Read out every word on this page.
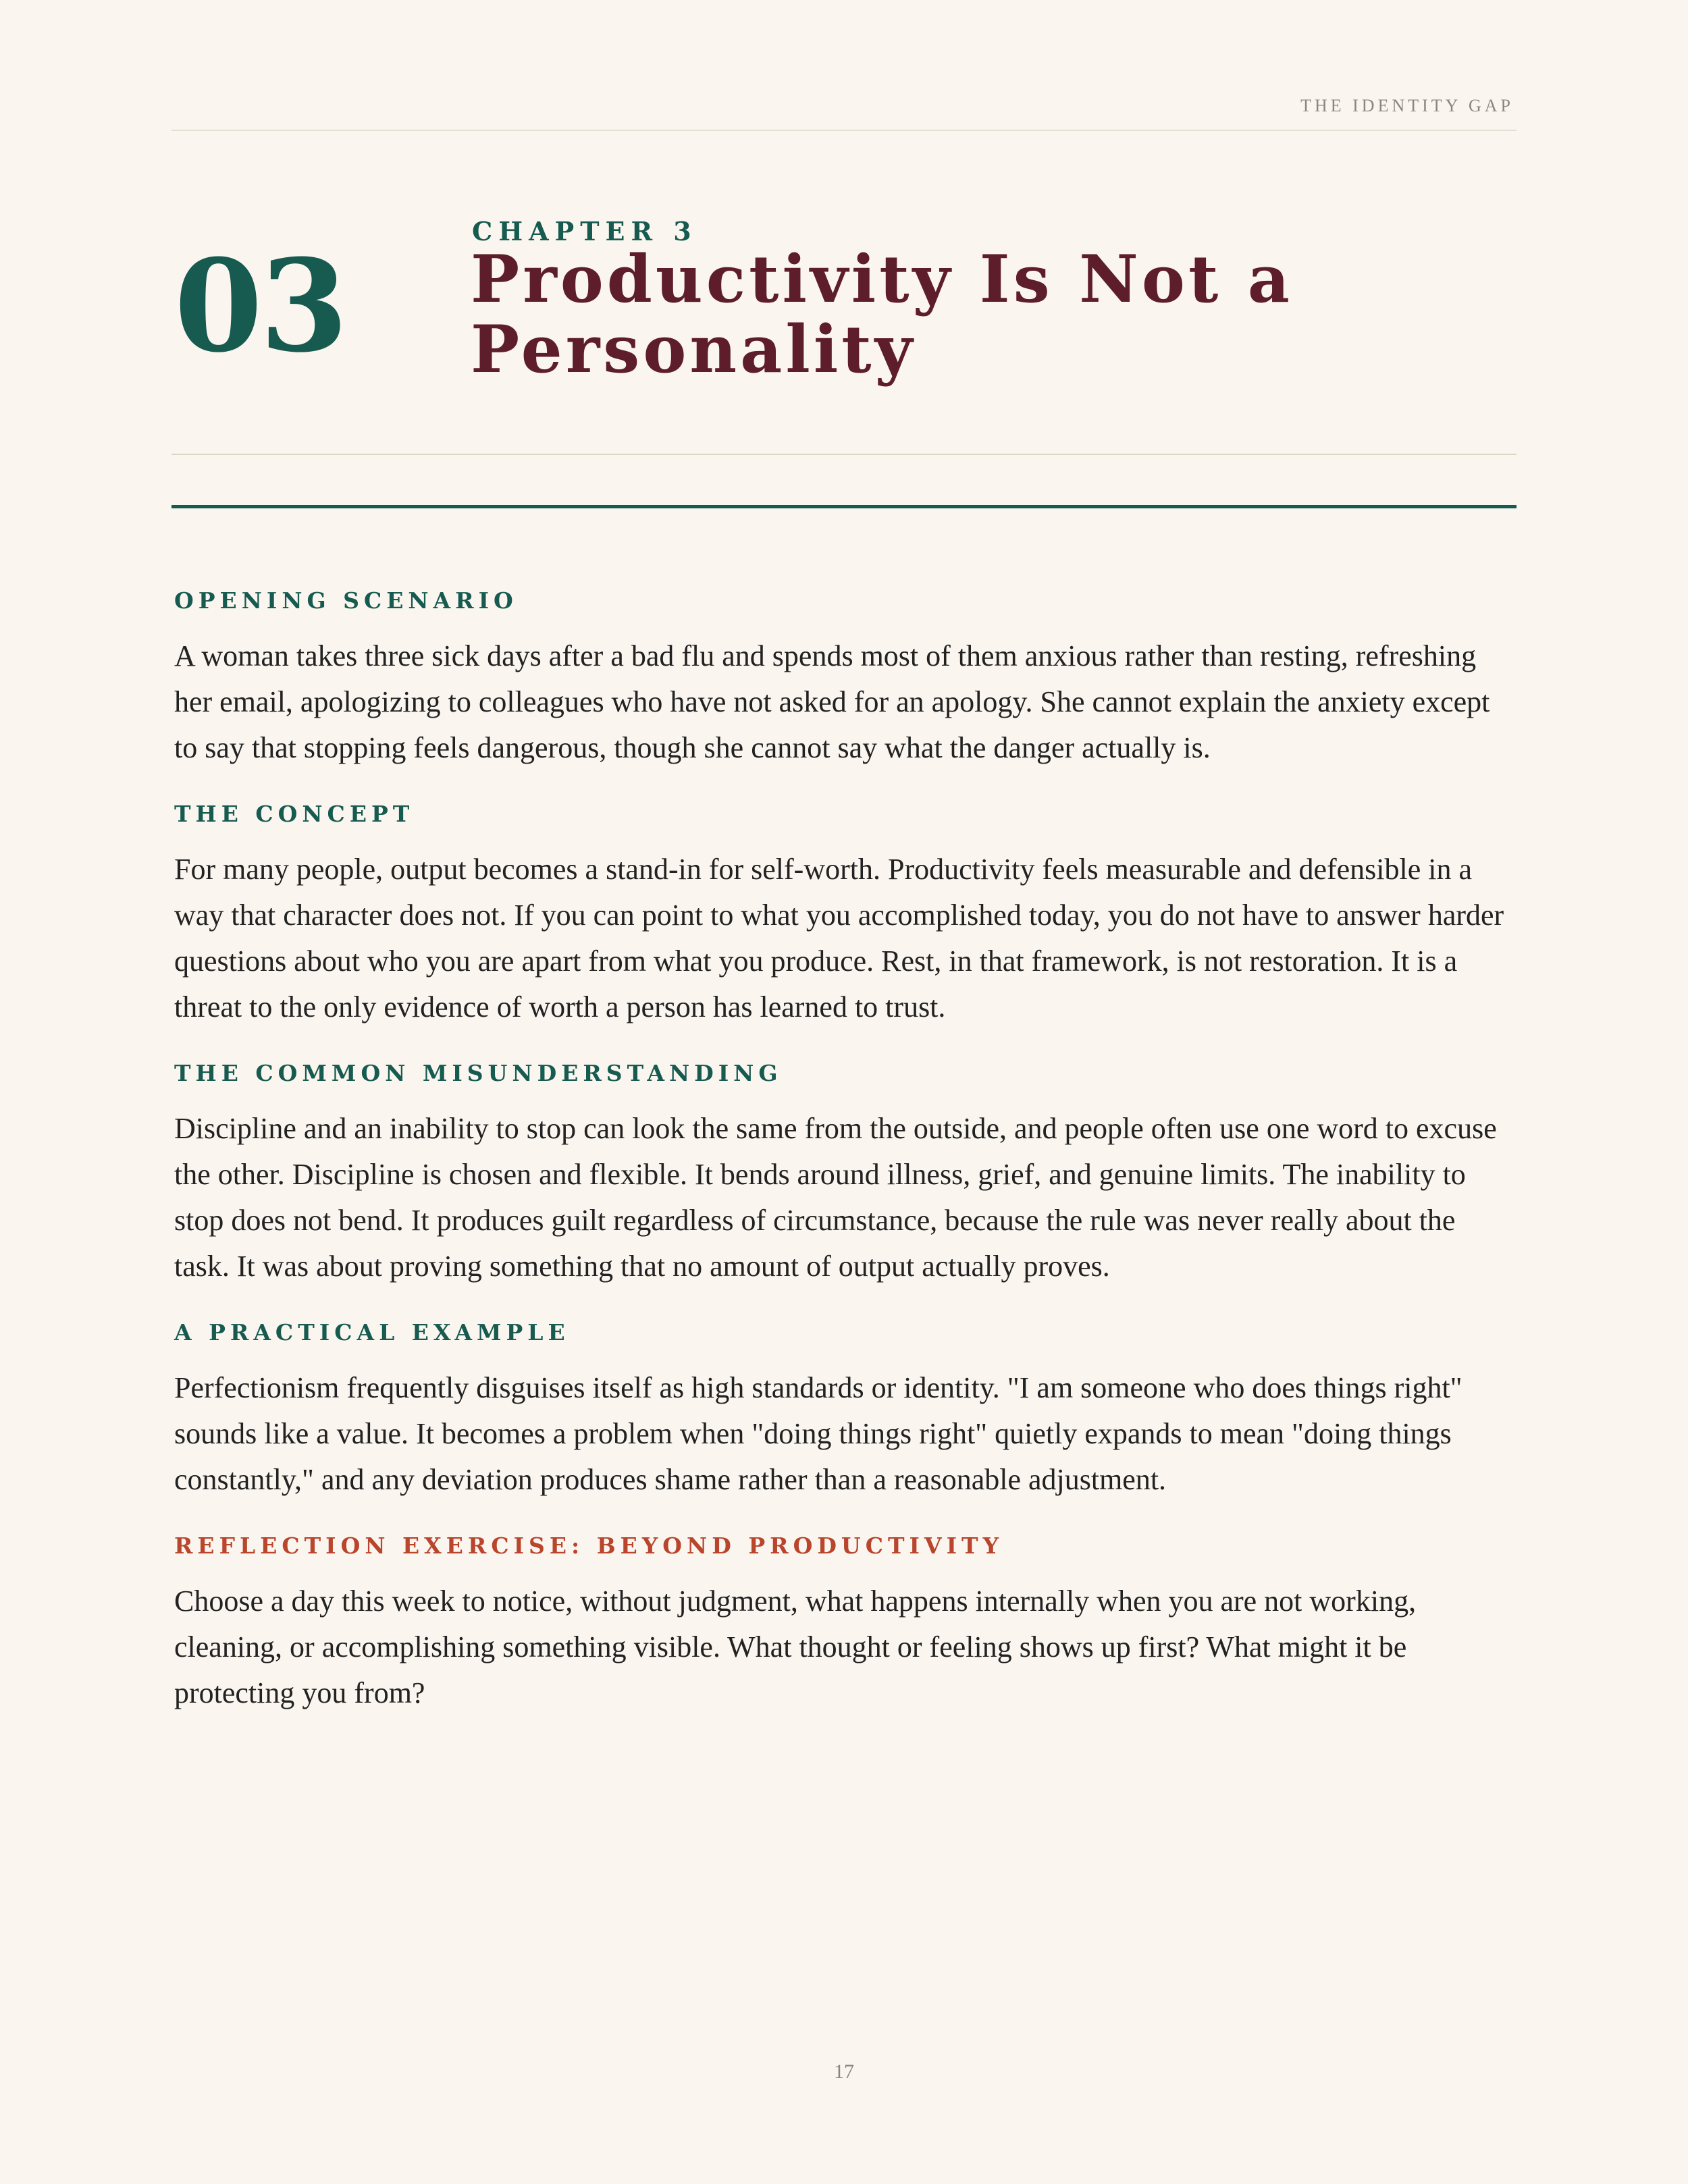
THE IDENTITY GAP
03
CHAPTER 3
Productivity Is Not a Personality
OPENING SCENARIO

A woman takes three sick days after a bad flu and spends most of them anxious rather than resting, refreshing her email, apologizing to colleagues who have not asked for an apology. She cannot explain the anxiety except to say that stopping feels dangerous, though she cannot say what the danger actually is.

THE CONCEPT

For many people, output becomes a stand-in for self-worth. Productivity feels measurable and defensible in a way that character does not. If you can point to what you accomplished today, you do not have to answer harder questions about who you are apart from what you produce. Rest, in that framework, is not restoration. It is a threat to the only evidence of worth a person has learned to trust.

THE COMMON MISUNDERSTANDING

Discipline and an inability to stop can look the same from the outside, and people often use one word to excuse the other. Discipline is chosen and flexible. It bends around illness, grief, and genuine limits. The inability to stop does not bend. It produces guilt regardless of circumstance, because the rule was never really about the task. It was about proving something that no amount of output actually proves.

A PRACTICAL EXAMPLE

Perfectionism frequently disguises itself as high standards or identity. "I am someone who does things right" sounds like a value. It becomes a problem when "doing things right" quietly expands to mean "doing things constantly," and any deviation produces shame rather than a reasonable adjustment.

REFLECTION EXERCISE: BEYOND PRODUCTIVITY

Choose a day this week to notice, without judgment, what happens internally when you are not working, cleaning, or accomplishing something visible. What thought or feeling shows up first? What might it be protecting you from?

17
